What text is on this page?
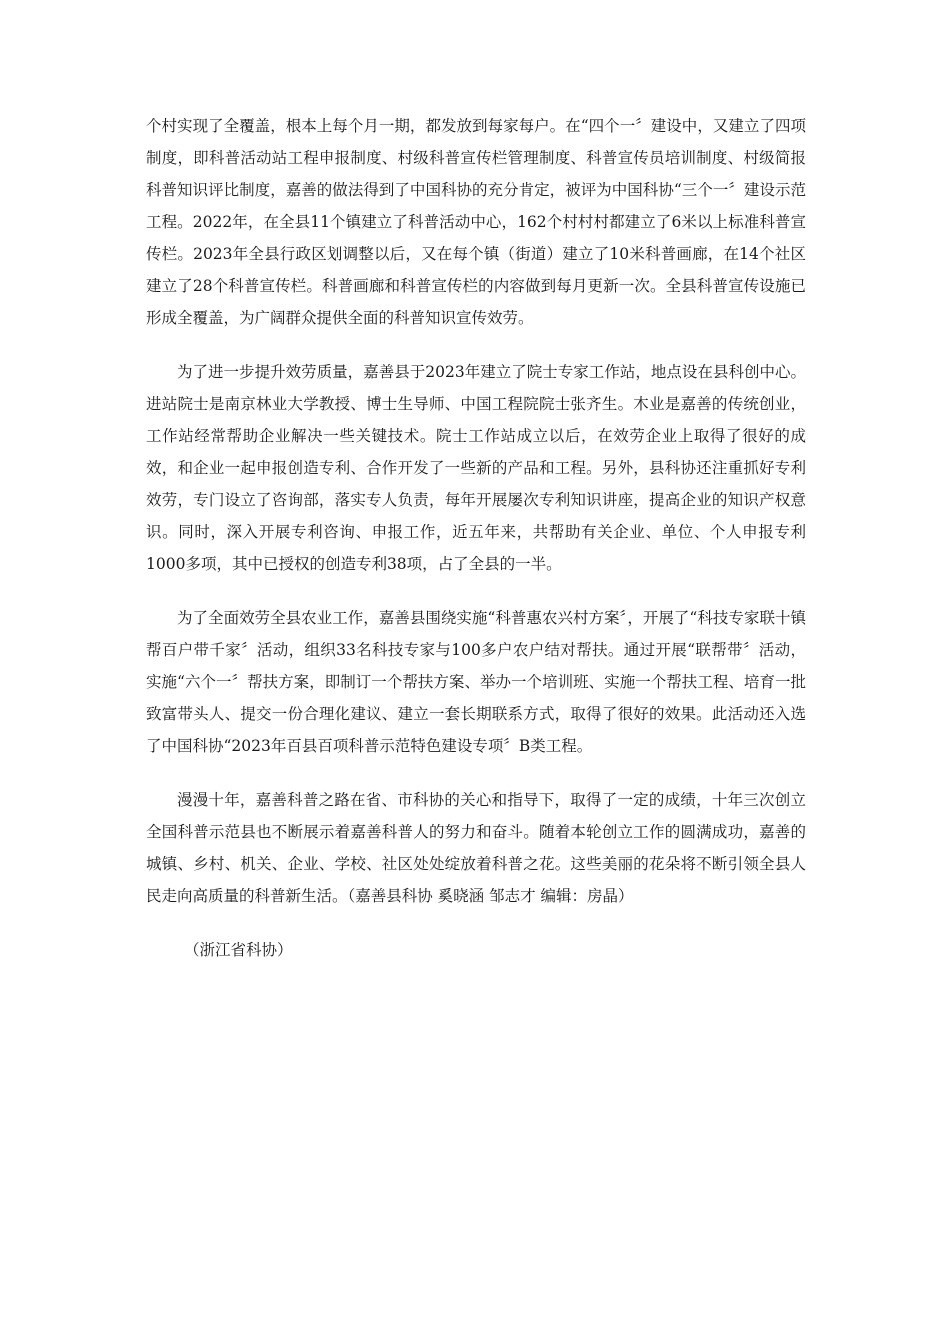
个村实现了全覆盖，根本上每个月一期，都发放到每家每户。在“四个一〞建设中，又建立了四项制度，即科普活动站工程申报制度、村级科普宣传栏管理制度、科普宣传员培训制度、村级简报科普知识评比制度，嘉善的做法得到了中国科协的充分肯定，被评为中国科协“三个一〞建设示范工程。2022年，在全县11个镇建立了科普活动中心，162个村村村都建立了6米以上标准科普宣传栏。2023年全县行政区划调整以后，又在每个镇（街道）建立了10米科普画廊，在14个社区建立了28个科普宣传栏。科普画廊和科普宣传栏的内容做到每月更新一次。全县科普宣传设施已形成全覆盖，为广阔群众提供全面的科普知识宣传效劳。

为了进一步提升效劳质量，嘉善县于2023年建立了院士专家工作站，地点设在县科创中心。进站院士是南京林业大学教授、博士生导师、中国工程院院士张齐生。木业是嘉善的传统创业，工作站经常帮助企业解决一些关键技术。院士工作站成立以后，在效劳企业上取得了很好的成效，和企业一起申报创造专利、合作开发了一些新的产品和工程。另外，县科协还注重抓好专利效劳，专门设立了咨询部，落实专人负责，每年开展屡次专利知识讲座，提高企业的知识产权意识。同时，深入开展专利咨询、申报工作，近五年来，共帮助有关企业、单位、个人申报专利1000多项，其中已授权的创造专利38项，占了全县的一半。

为了全面效劳全县农业工作，嘉善县围绕实施“科普惠农兴村方案〞，开展了“科技专家联十镇帮百户带千家〞活动，组织33名科技专家与100多户农户结对帮扶。通过开展“联帮带〞活动，实施“六个一〞帮扶方案，即制订一个帮扶方案、举办一个培训班、实施一个帮扶工程、培育一批致富带头人、提交一份合理化建议、建立一套长期联系方式，取得了很好的效果。此活动还入选了中国科协“2023年百县百项科普示范特色建设专项〞B类工程。

漫漫十年，嘉善科普之路在省、市科协的关心和指导下，取得了一定的成绩，十年三次创立全国科普示范县也不断展示着嘉善科普人的努力和奋斗。随着本轮创立工作的圆满成功，嘉善的城镇、乡村、机关、企业、学校、社区处处绽放着科普之花。这些美丽的花朵将不断引领全县人民走向高质量的科普新生活。（嘉善县科协 奚晓涵 邹志才 编辑：房晶）

（浙江省科协）
